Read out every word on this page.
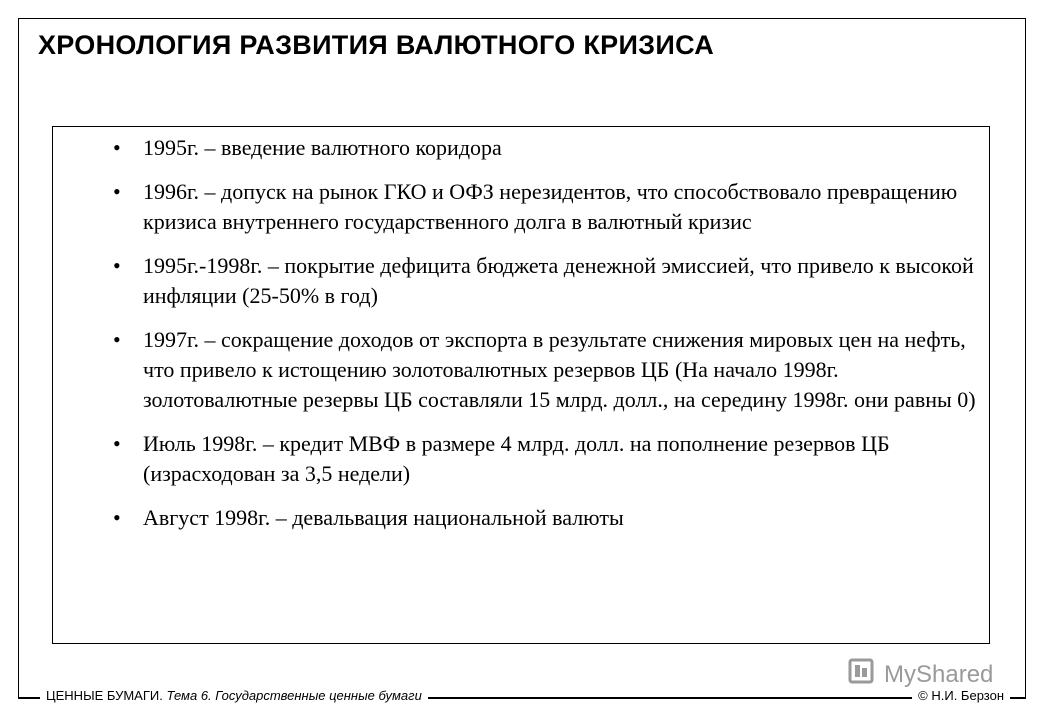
ХРОНОЛОГИЯ РАЗВИТИЯ ВАЛЮТНОГО КРИЗИСА
• 1995г. – введение валютного коридора
• 1996г. – допуск на рынок ГКО и ОФЗ нерезидентов, что способствовало превращению кризиса внутреннего государственного долга в валютный кризис
• 1995г.-1998г. – покрытие дефицита бюджета денежной эмиссией, что привело к высокой инфляции (25-50% в год)
• 1997г. – сокращение доходов от экспорта в результате снижения мировых цен на нефть, что привело к истощению золотовалютных резервов ЦБ (На начало 1998г. золотовалютные резервы ЦБ составляли 15 млрд. долл., на середину 1998г. они равны 0)
• Июль 1998г. – кредит МВФ в размере 4 млрд. долл. на пополнение резервов ЦБ (израсходован за 3,5 недели)
• Август 1998г. – девальвация национальной валюты
MyShared
ЦЕННЫЕ БУМАГИ. Тема 6. Государственные ценные бумаги	© Н.И. Берзон
